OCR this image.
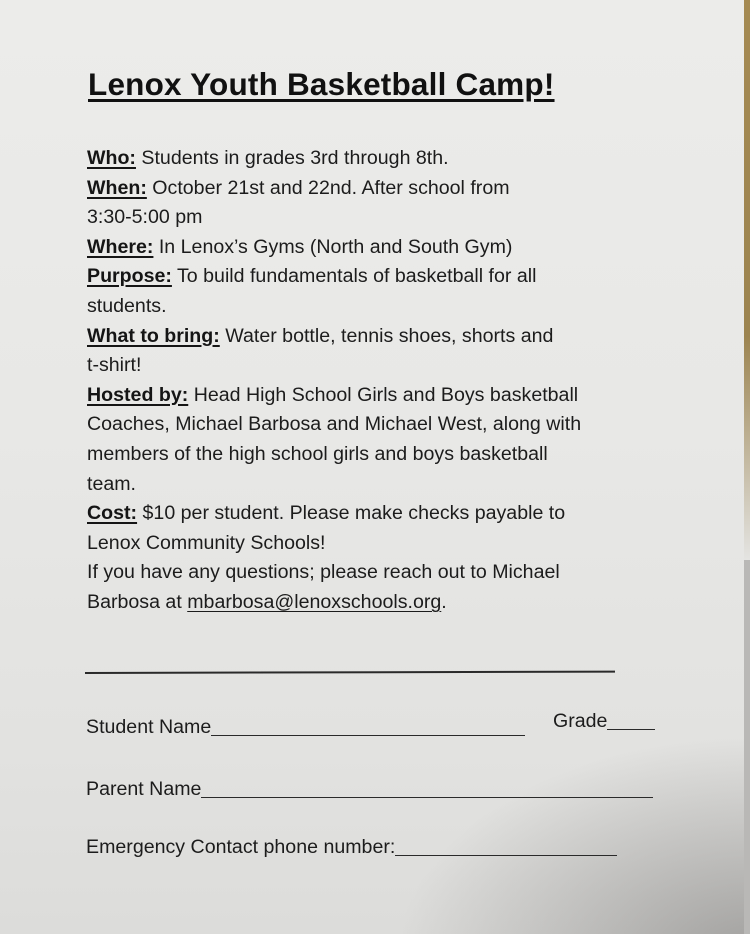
Lenox Youth Basketball Camp!
Who: Students in grades 3rd through 8th.
When: October 21st and 22nd. After school from
3:30-5:00 pm
Where: In Lenox’s Gyms (North and South Gym)
Purpose: To build fundamentals of basketball for all
students.
What to bring: Water bottle, tennis shoes, shorts and
t-shirt!
Hosted by: Head High School Girls and Boys basketball
Coaches, Michael Barbosa and Michael West, along with
members of the high school girls and boys basketball
team.
Cost: $10 per student. Please make checks payable to
Lenox Community Schools!
If you have any questions; please reach out to Michael
Barbosa at mbarbosa@lenoxschools.org.
Student Name	Grade
Parent Name
Emergency Contact phone number:
